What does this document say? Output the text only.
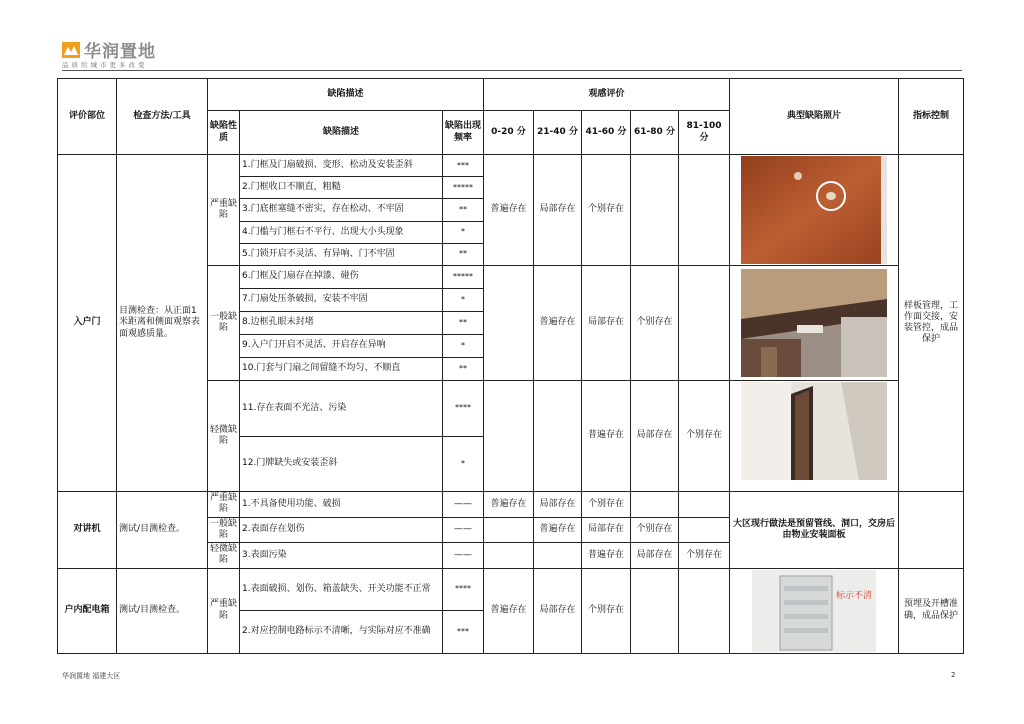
华润置地
品质给城市更多改变
评价部位	检查方法/工具	缺陷描述			观感评价					典型缺陷照片	指标控制
		缺陷性质	缺陷描述	缺陷出现频率	0-20 分	21-40 分	41-60 分	61-80 分	81-100 分		
入户门	目测检查：从正面1米距离和侧面观察表面观感质量。	严重缺陷	1.门框及门扇破损、变形、松动及安装歪斜	***	普遍存在	局部存在	个别存在				样板管理，工作面交接，安装管控，成品保护
			2.门框收口不顺直，粗糙	*****							
			3.门底框塞缝不密实，存在松动、不牢固	**							
			4.门槛与门框石不平行、出现大小头现象	*							
			5.门锁开启不灵活、有异响、门不牢固	**							
		一般缺陷	6.门框及门扇存在掉漆、碰伤	*****		普遍存在	局部存在	个别存在		

			7.门扇处压条破损，安装不牢固	*							
			8.边框孔眼未封堵	**							
			9.入户门开启不灵活、开启存在异响	*							
			10.门套与门扇之间留缝不均匀、不顺直	**							
		轻微缺陷	11.存在表面不光洁、污染	****			普遍存在	局部存在	个别存在	

			12.门牌缺失或安装歪斜	*							
对讲机	测试/目测检查。	严重缺陷	1.不具备使用功能、破损	——	普遍存在	局部存在	个别存在			大区现行做法是预留管线、洞口，交房后由物业安装面板	
		一般缺陷	2.表面存在划伤	——		普遍存在	局部存在	个别存在			
		轻微缺陷	3.表面污染	——			普遍存在	局部存在	个别存在		
户内配电箱	测试/目测检查。	严重缺陷	1.表面破损、划伤、箱盖缺失、开关功能不正常	****	普遍存在	局部存在	个别存在			标示不清	预埋及开槽准确，成品保护
			2.对应控制电路标示不清晰，与实际对应不准确	***							
华润置地 福建大区	2
